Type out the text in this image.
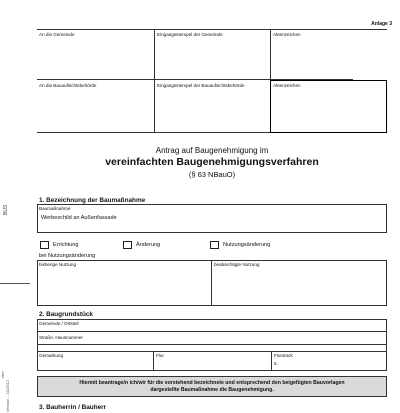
BUS
Version – 11/2012
ette
Anlage 3
An die Gemeinde	Eingangsstempel der Gemeinde	Aktenzeichen
An die Bauaufsichtsbehörde	Eingangsstempel der Bauaufsichtsbehörde	Aktenzeichen
Antrag auf Baugenehmigung im
vereinfachten Baugenehmigungsverfahren
(§ 63 NBauO)
1. Bezeichnung der Baumaßnahme
Baumaßnahme
Werbeschild an Außenfassade
Errichtung	Änderung	Nutzungsänderung
bei Nutzungsänderung
bisherige Nutzung	beabsichtigte Nutzung
2. Baugrundstück
Gemeinde / Ortsteil
Straße, Hausnummer
Gemarkung	Flur	Flurstück
5.
Hiermit beantrage/n ich/wir für die vorstehend bezeichnete und entsprechend den beigefügten Bauvorlagen
dargestellte Baumaßnahme die Baugenehmigung.
3. Bauherrin / Bauherr
